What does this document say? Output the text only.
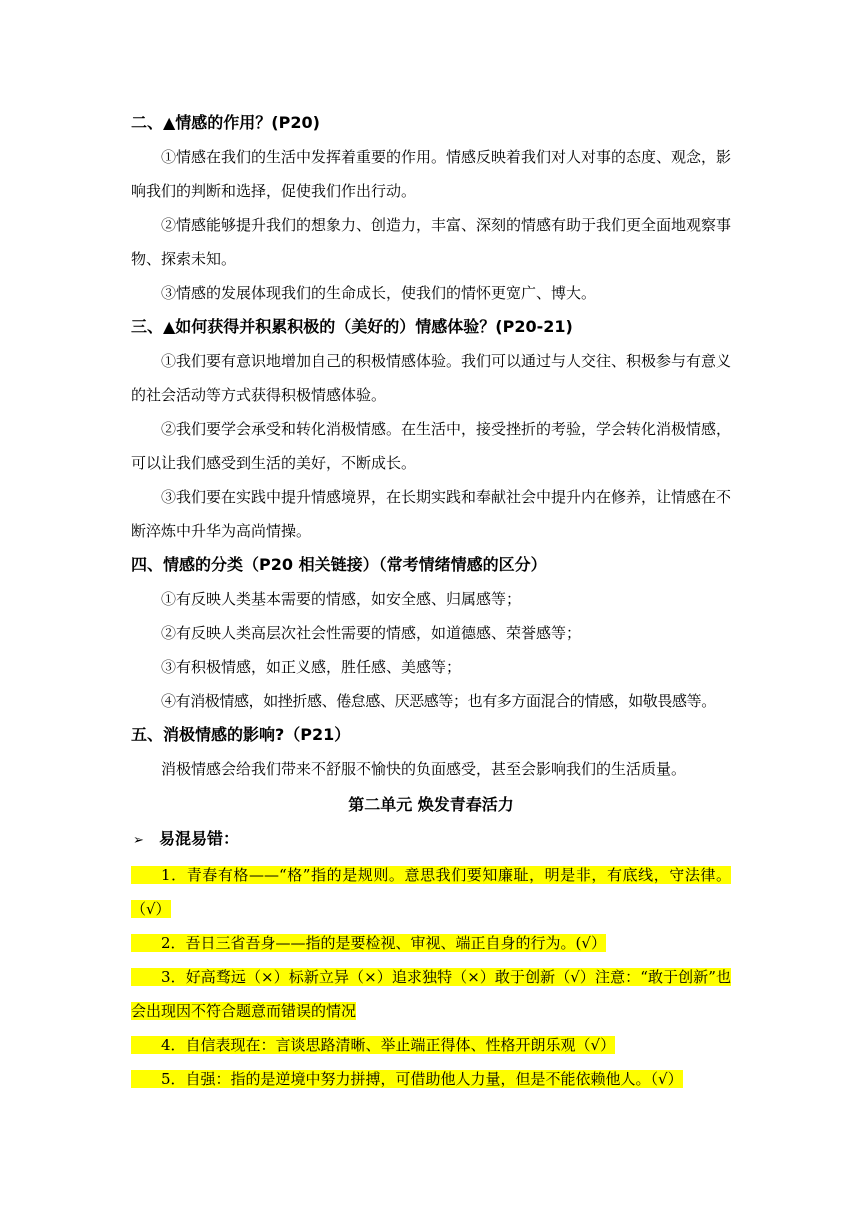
二、▲情感的作用？(P20)

①情感在我们的生活中发挥着重要的作用。情感反映着我们对人对事的态度、观念，影响我们的判断和选择，促使我们作出行动。

②情感能够提升我们的想象力、创造力，丰富、深刻的情感有助于我们更全面地观察事物、探索未知。

③情感的发展体现我们的生命成长，使我们的情怀更宽广、博大。

三、▲如何获得并积累积极的（美好的）情感体验？(P20-21)

①我们要有意识地增加自己的积极情感体验。我们可以通过与人交往、积极参与有意义的社会活动等方式获得积极情感体验。

②我们要学会承受和转化消极情感。在生活中，接受挫折的考验，学会转化消极情感，可以让我们感受到生活的美好，不断成长。

③我们要在实践中提升情感境界，在长期实践和奉献社会中提升内在修养，让情感在不断淬炼中升华为高尚情操。

四、情感的分类（P20 相关链接）（常考情绪情感的区分）

①有反映人类基本需要的情感，如安全感、归属感等；

②有反映人类高层次社会性需要的情感，如道德感、荣誉感等；

③有积极情感，如正义感，胜任感、美感等；

④有消极情感，如挫折感、倦怠感、厌恶感等；也有多方面混合的情感，如敬畏感等。

五、消极情感的影响?（P21）

消极情感会给我们带来不舒服不愉快的负面感受，甚至会影响我们的生活质量。

第二单元 焕发青春活力
➢ 易混易错：

1．青春有格——“格”指的是规则。意思我们要知廉耻，明是非，有底线，守法律。（√）

2．吾日三省吾身——指的是要检视、审视、端正自身的行为。(√）

3．好高骛远（×）标新立异（×）追求独特（×）敢于创新（√）注意：“敢于创新”也会出现因不符合题意而错误的情况

4．自信表现在：言谈思路清晰、举止端正得体、性格开朗乐观（√）

5．自强：指的是逆境中努力拼搏，可借助他人力量，但是不能依赖他人。（√）
